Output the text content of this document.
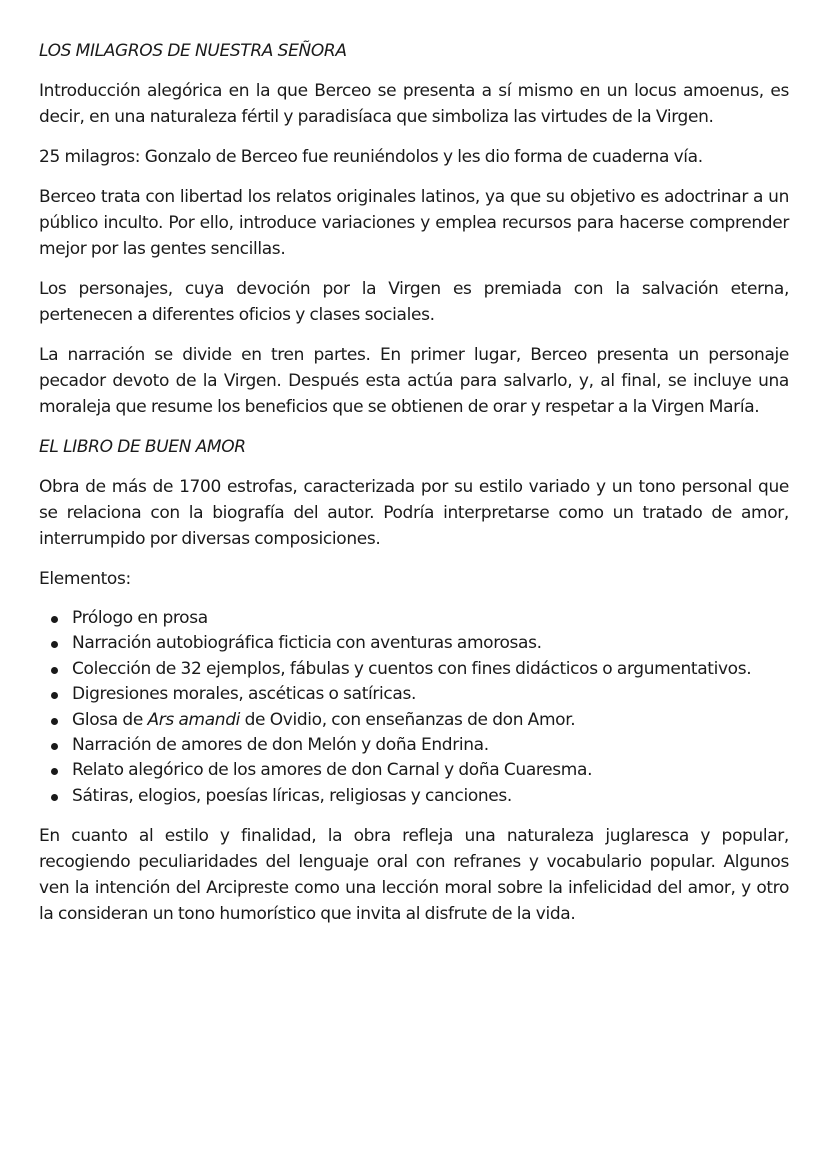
LOS MILAGROS DE NUESTRA SEÑORA

Introducción alegórica en la que Berceo se presenta a sí mismo en un locus amoenus, es decir, en una naturaleza fértil y paradisíaca que simboliza las virtudes de la Virgen.

25 milagros: Gonzalo de Berceo fue reuniéndolos y les dio forma de cuaderna vía.

Berceo trata con libertad los relatos originales latinos, ya que su objetivo es adoctrinar a un público inculto. Por ello, introduce variaciones y emplea recursos para hacerse comprender mejor por las gentes sencillas.

Los personajes, cuya devoción por la Virgen es premiada con la salvación eterna, pertenecen a diferentes oficios y clases sociales.

La narración se divide en tren partes. En primer lugar, Berceo presenta un personaje pecador devoto de la Virgen. Después esta actúa para salvarlo, y, al final, se incluye una moraleja que resume los beneficios que se obtienen de orar y respetar a la Virgen María.

EL LIBRO DE BUEN AMOR

Obra de más de 1700 estrofas, caracterizada por su estilo variado y un tono personal que se relaciona con la biografía del autor. Podría interpretarse como un tratado de amor, interrumpido por diversas composiciones.

Elementos:

Prólogo en prosa
Narración autobiográfica ficticia con aventuras amorosas.
Colección de 32 ejemplos, fábulas y cuentos con fines didácticos o argumentativos.
Digresiones morales, ascéticas o satíricas.
Glosa de Ars amandi de Ovidio, con enseñanzas de don Amor.
Narración de amores de don Melón y doña Endrina.
Relato alegórico de los amores de don Carnal y doña Cuaresma.
Sátiras, elogios, poesías líricas, religiosas y canciones.

En cuanto al estilo y finalidad, la obra refleja una naturaleza juglaresca y popular, recogiendo peculiaridades del lenguaje oral con refranes y vocabulario popular. Algunos ven la intención del Arcipreste como una lección moral sobre la infelicidad del amor, y otro la consideran un tono humorístico que invita al disfrute de la vida.
